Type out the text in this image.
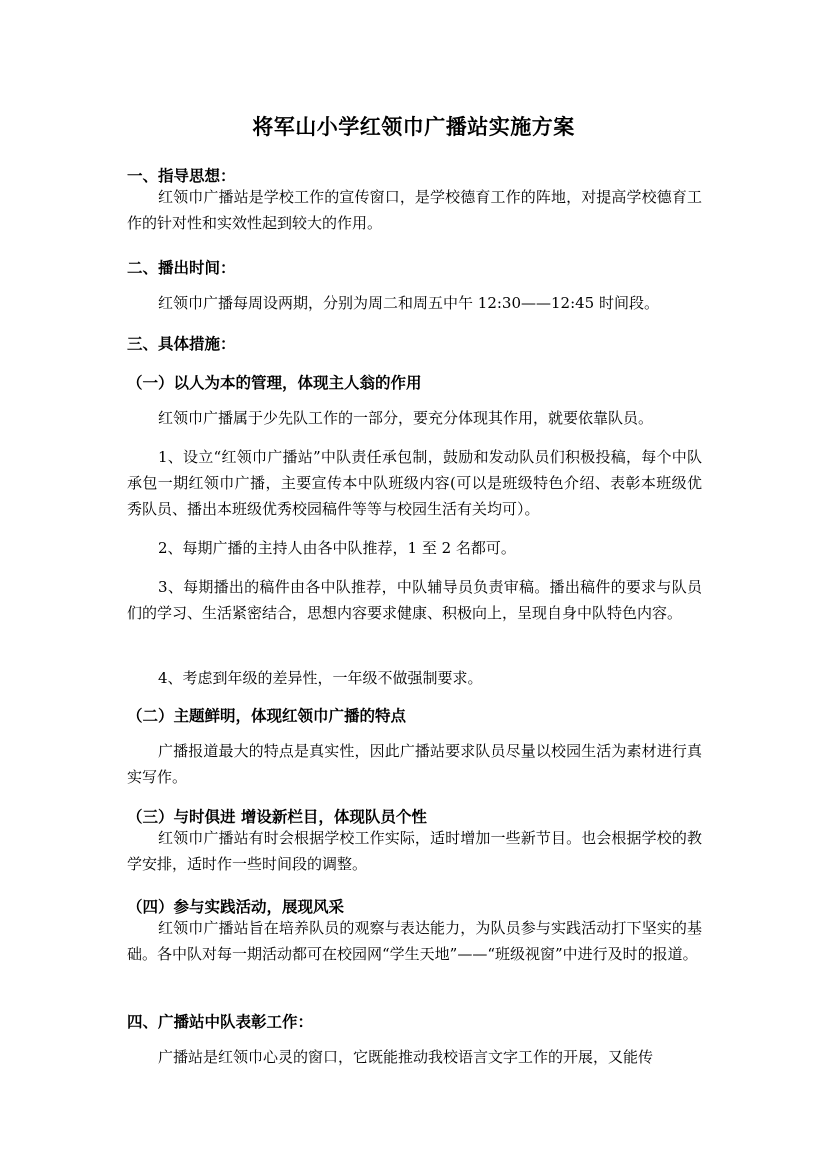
将军山小学红领巾广播站实施方案
一、指导思想：
红领巾广播站是学校工作的宣传窗口，是学校德育工作的阵地，对提高学校德育工作的针对性和实效性起到较大的作用。
二、播出时间：
红领巾广播每周设两期，分别为周二和周五中午 12:30——12:45 时间段。
三、具体措施：
（一）以人为本的管理，体现主人翁的作用
红领巾广播属于少先队工作的一部分，要充分体现其作用，就要依靠队员。
1、设立“红领巾广播站”中队责任承包制，鼓励和发动队员们积极投稿，每个中队承包一期红领巾广播，主要宣传本中队班级内容(可以是班级特色介绍、表彰本班级优秀队员、播出本班级优秀校园稿件等等与校园生活有关均可）。
2、每期广播的主持人由各中队推荐，1 至 2 名都可。
3、每期播出的稿件由各中队推荐，中队辅导员负责审稿。播出稿件的要求与队员们的学习、生活紧密结合，思想内容要求健康、积极向上，呈现自身中队特色内容。
4、考虑到年级的差异性，一年级不做强制要求。
（二）主题鲜明，体现红领巾广播的特点
广播报道最大的特点是真实性，因此广播站要求队员尽量以校园生活为素材进行真实写作。
（三）与时俱进 增设新栏目，体现队员个性
红领巾广播站有时会根据学校工作实际，适时增加一些新节目。也会根据学校的教学安排，适时作一些时间段的调整。
（四）参与实践活动，展现风采
红领巾广播站旨在培养队员的观察与表达能力，为队员参与实践活动打下坚实的基础。各中队对每一期活动都可在校园网“学生天地”——“班级视窗”中进行及时的报道。
四、广播站中队表彰工作：
广播站是红领巾心灵的窗口，它既能推动我校语言文字工作的开展，又能传
